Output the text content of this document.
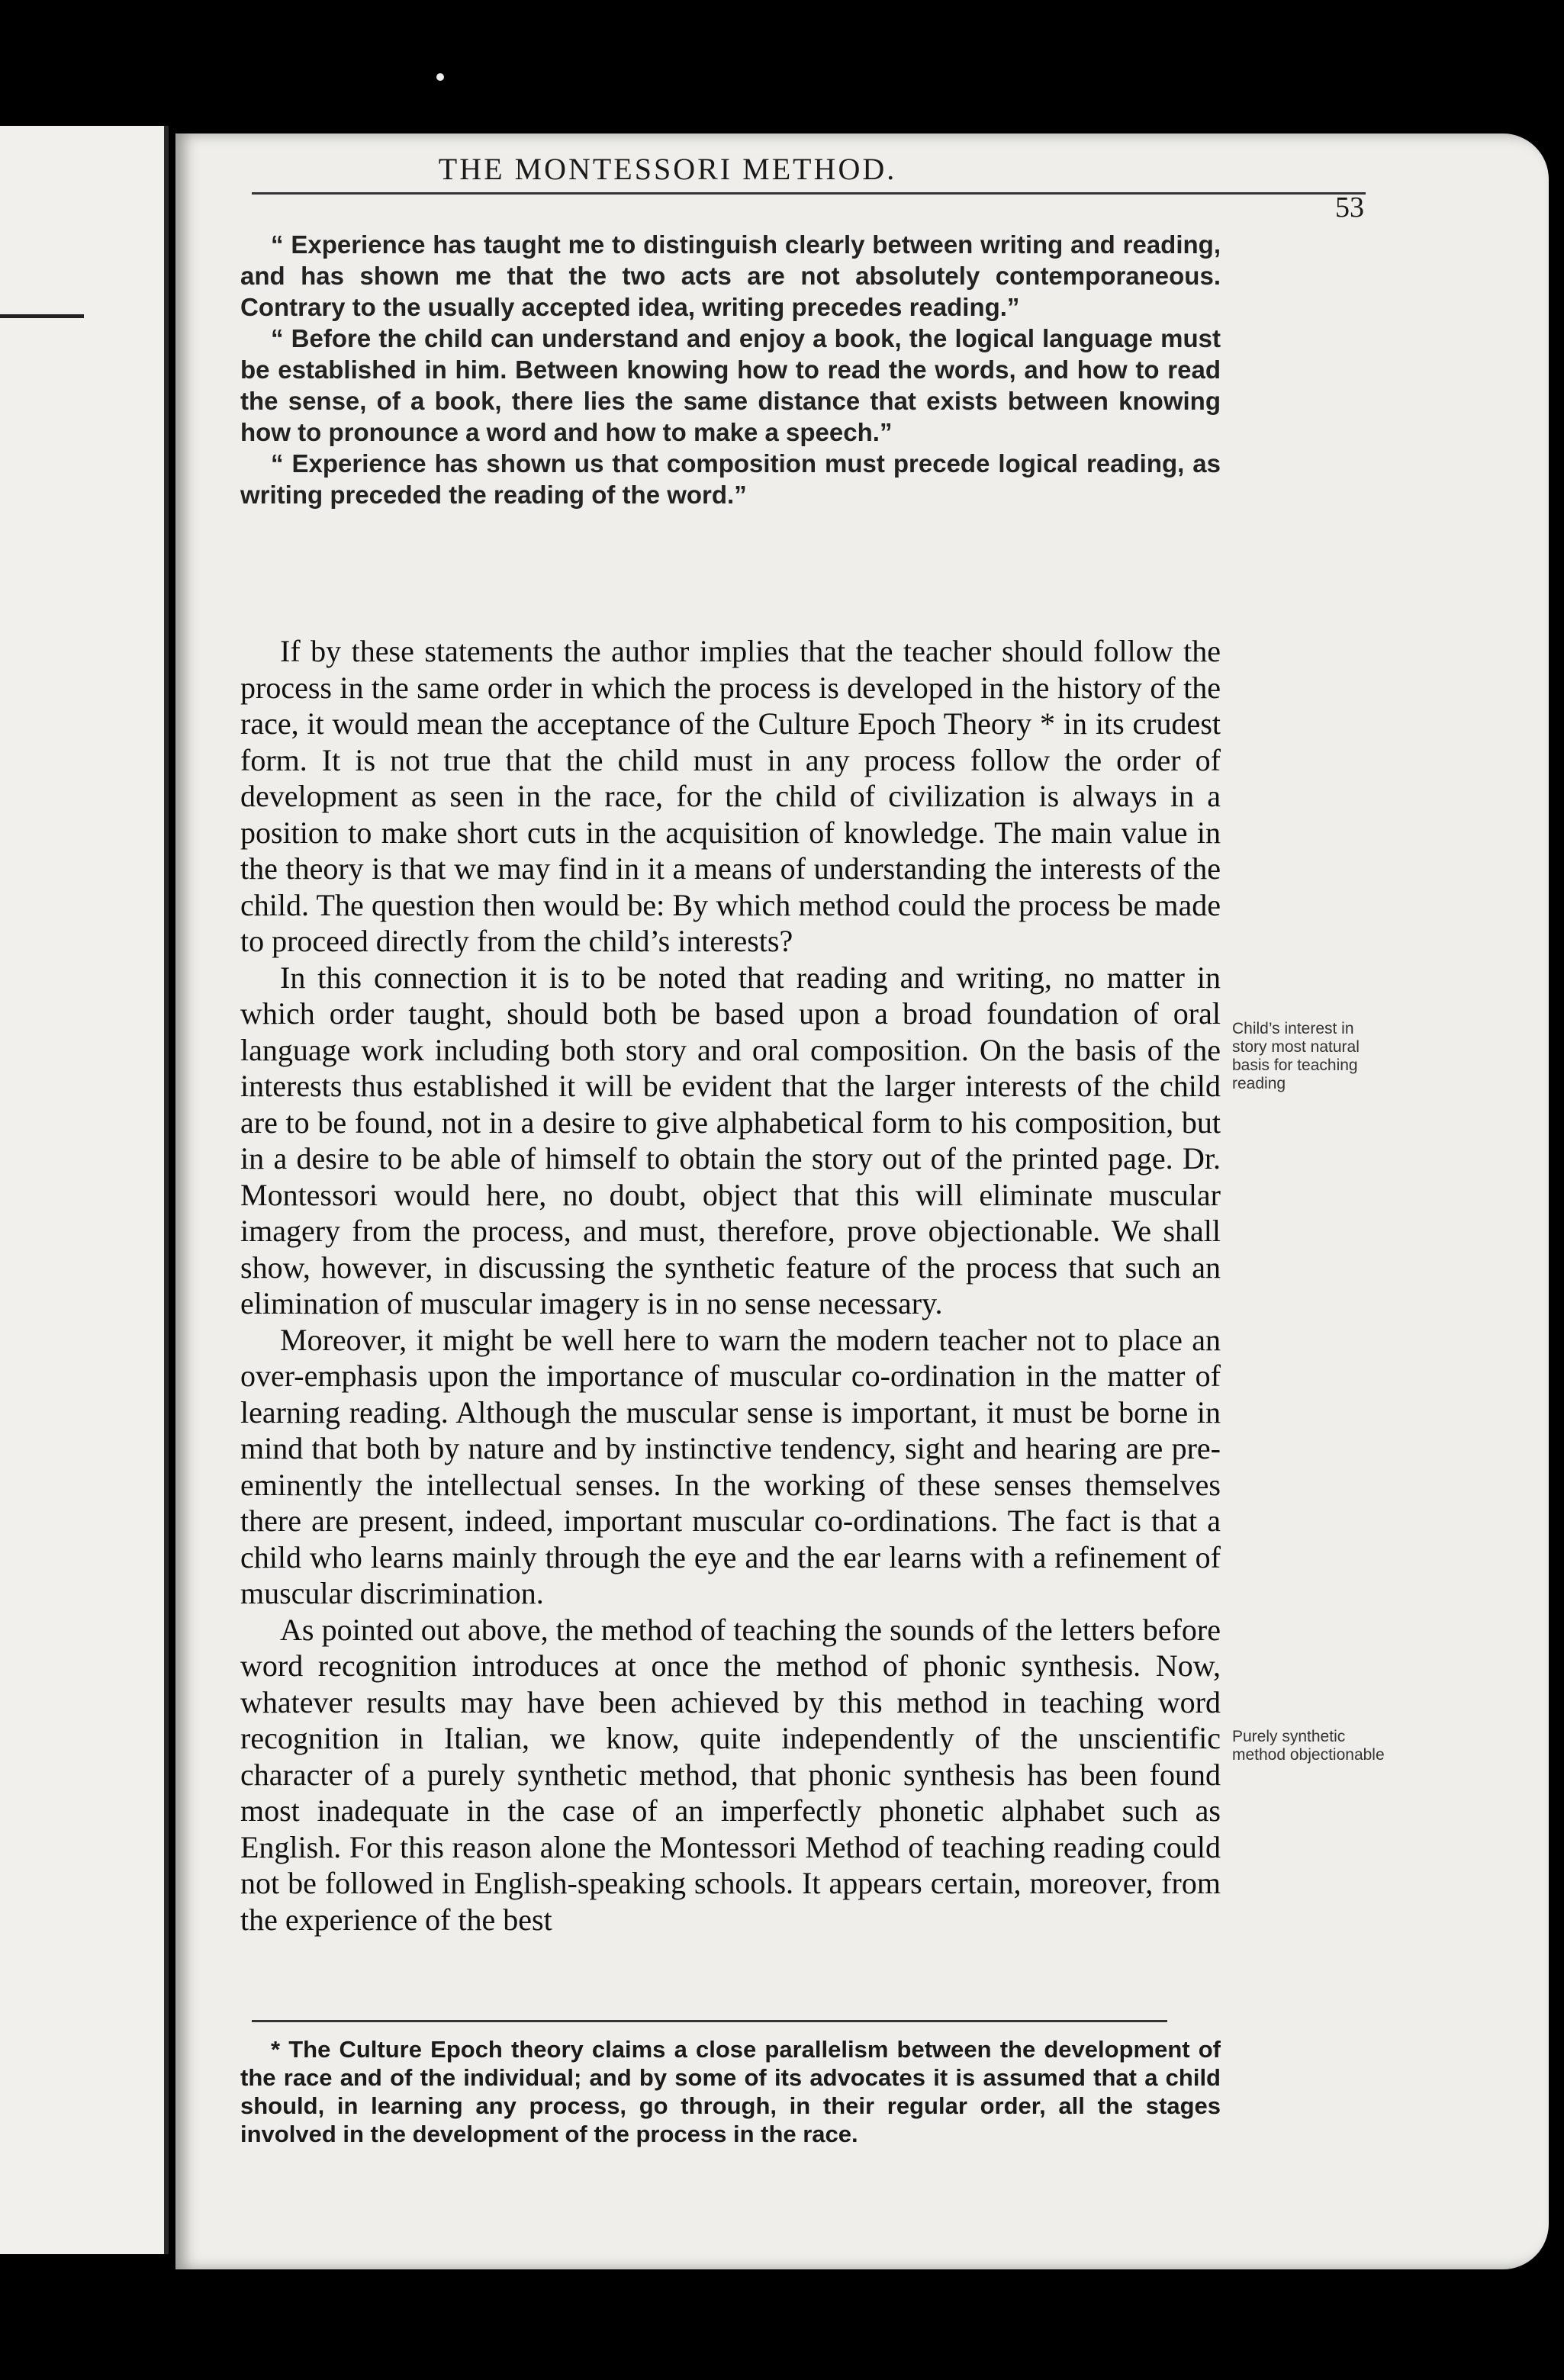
THE MONTESSORI METHOD.
53

“ Experience has taught me to distinguish clearly between writing and reading, and has shown me that the two acts are not absolutely contemporaneous. Contrary to the usually accepted idea, writing precedes reading.”

“ Before the child can understand and enjoy a book, the logical language must be established in him. Between knowing how to read the words, and how to read the sense, of a book, there lies the same distance that exists between knowing how to pronounce a word and how to make a speech.”

“ Experience has shown us that composition must precede logical reading, as writing preceded the reading of the word.”

If by these statements the author implies that the teacher should follow the process in the same order in which the process is developed in the history of the race, it would mean the acceptance of the Culture Epoch Theory * in its crudest form. It is not true that the child must in any process follow the order of development as seen in the race, for the child of civilization is always in a position to make short cuts in the acquisition of knowledge. The main value in the theory is that we may find in it a means of understanding the interests of the child. The question then would be: By which method could the process be made to proceed directly from the child’s interests?

In this connection it is to be noted that reading and writing, no matter in which order taught, should both be based upon a broad foundation of oral language work including both story and oral composition. On the basis of the interests thus established it will be evident that the larger interests of the child are to be found, not in a desire to give alphabetical form to his composition, but in a desire to be able of himself to obtain the story out of the printed page. Dr. Montessori would here, no doubt, object that this will eliminate muscular imagery from the process, and must, therefore, prove objectionable. We shall show, however, in discussing the synthetic feature of the process that such an elimination of muscular imagery is in no sense necessary.

Moreover, it might be well here to warn the modern teacher not to place an over-emphasis upon the importance of muscular co-ordination in the matter of learning reading. Although the muscular sense is important, it must be borne in mind that both by nature and by instinctive tendency, sight and hearing are pre-eminently the intellectual senses. In the working of these senses themselves there are present, indeed, important muscular co-ordinations. The fact is that a child who learns mainly through the eye and the ear learns with a refinement of muscular discrimination.

As pointed out above, the method of teaching the sounds of the letters before word recognition introduces at once the method of phonic synthesis. Now, whatever results may have been achieved by this method in teaching word recognition in Italian, we know, quite independently of the unscientific character of a purely synthetic method, that phonic synthesis has been found most inadequate in the case of an imperfectly phonetic alphabet such as English. For this reason alone the Montessori Method of teaching reading could not be followed in English-speaking schools. It appears certain, moreover, from the experience of the best

Child’s interest in story most natural basis for teaching reading
Purely synthetic method objectionable

* The Culture Epoch theory claims a close parallelism between the development of the race and of the individual; and by some of its advocates it is assumed that a child should, in learning any process, go through, in their regular order, all the stages involved in the development of the process in the race.
